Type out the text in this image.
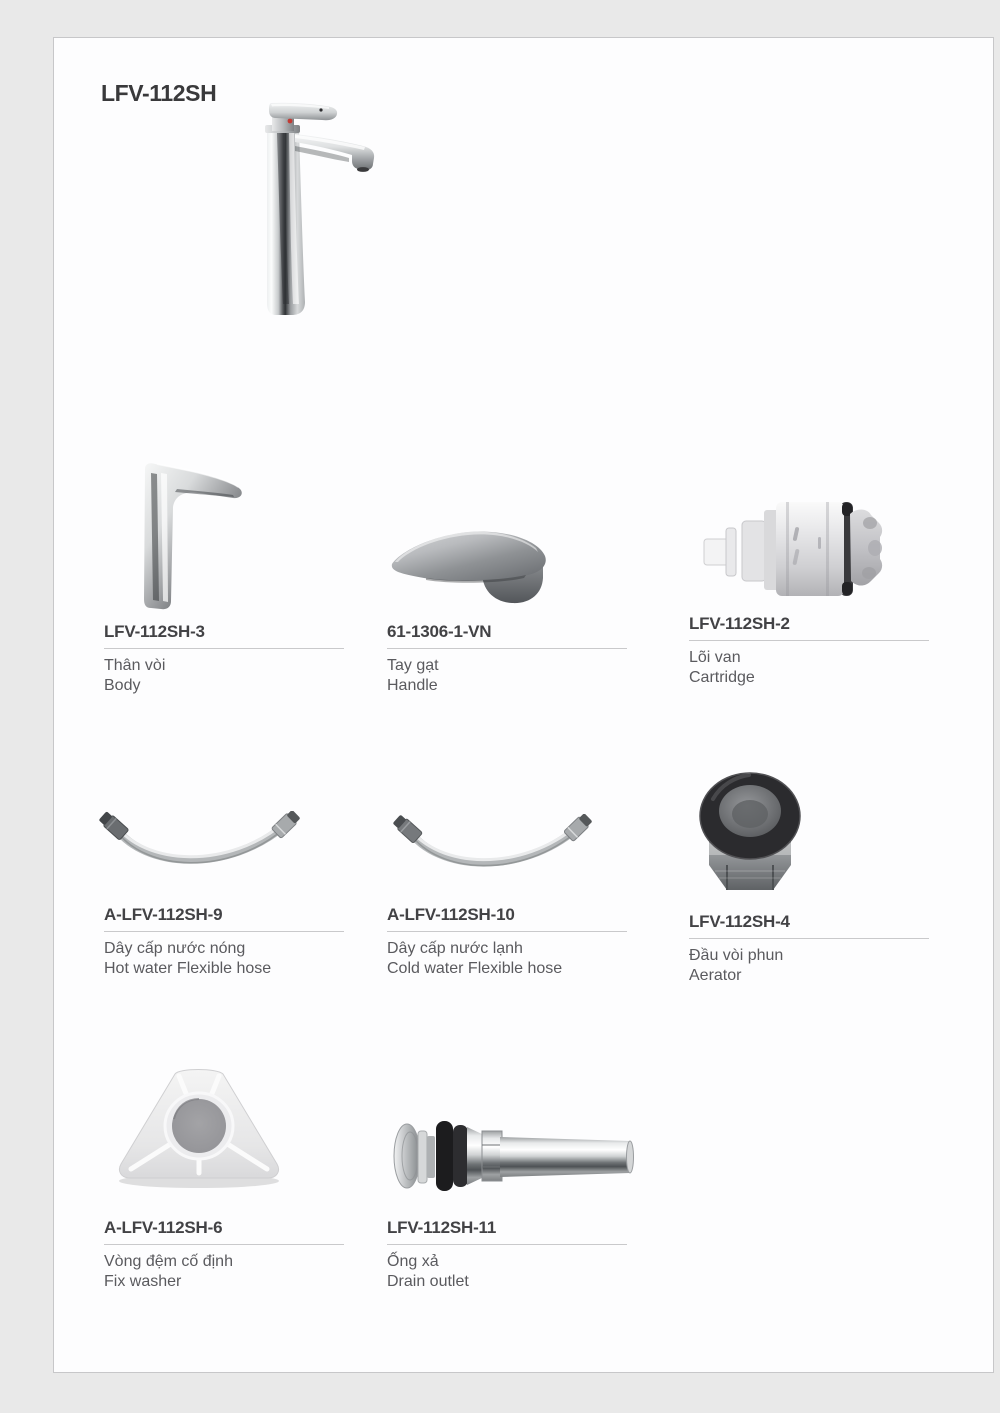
LFV-112SH
LFV-112SH-3
Thân vòi
Body
61-1306-1-VN
Tay gạt
Handle
LFV-112SH-2
Lõi van
Cartridge
A-LFV-112SH-9
Dây cấp nước nóng
Hot water Flexible hose
A-LFV-112SH-10
Dây cấp nước lạnh
Cold water Flexible hose
LFV-112SH-4
Đầu vòi phun
Aerator
A-LFV-112SH-6
Vòng đệm cố định
Fix washer
LFV-112SH-11
Ống xả
Drain outlet
